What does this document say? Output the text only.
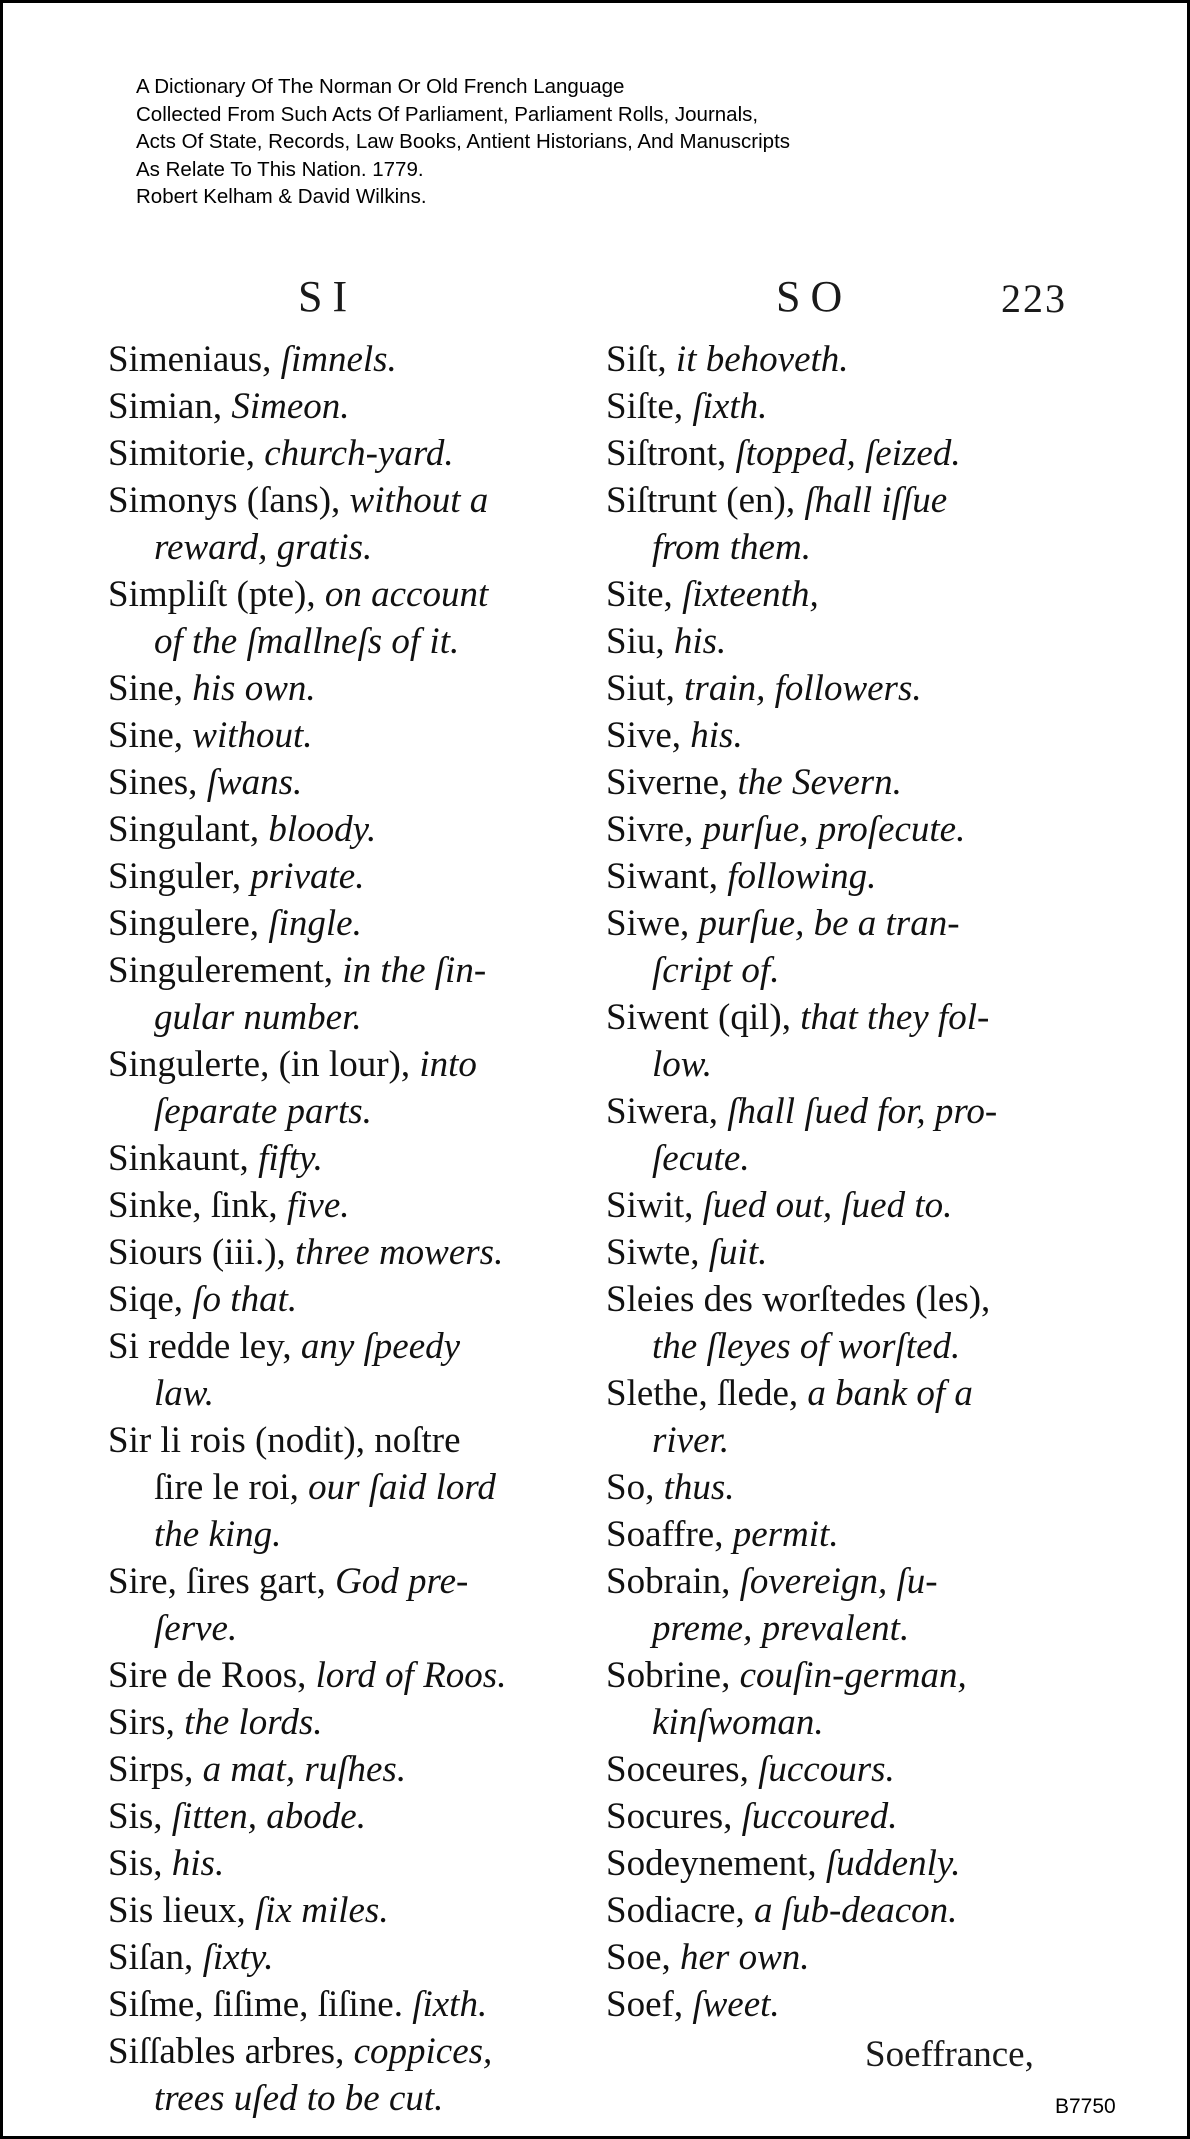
A Dictionary Of The Norman Or Old French Language
Collected From Such Acts Of Parliament, Parliament Rolls, Journals,
Acts Of State, Records, Law Books, Antient Historians, And Manuscripts
As Relate To This Nation. 1779.
Robert Kelham & David Wilkins.
SI	SO	223
Simeniaus, ſimnels.
Simian, Simeon.
Simitorie, church-yard.
Simonys (ſans), without a
reward, gratis.
Simpliſt (pte), on account
of the ſmallneſs of it.
Sine, his own.
Sine, without.
Sines, ſwans.
Singulant, bloody.
Singuler, private.
Singulere, ſingle.
Singulerement, in the ſin-
gular number.
Singulerte, (in lour), into
ſeparate parts.
Sinkaunt, fifty.
Sinke, ſink, five.
Siours (iii.), three mowers.
Siqe, ſo that.
Si redde ley, any ſpeedy
law.
Sir li rois (nodit), noſtre
ſire le roi, our ſaid lord
the king.
Sire, ſires gart, God pre-
ſerve.
Sire de Roos, lord of Roos.
Sirs, the lords.
Sirps, a mat, ruſhes.
Sis, ſitten, abode.
Sis, his.
Sis lieux, ſix miles.
Siſan, ſixty.
Siſme, ſiſime, ſiſine. ſixth.
Siſſables arbres, coppices,
trees uſed to be cut.
Siſt, it behoveth.
Siſte, ſixth.
Siſtront, ſtopped, ſeized.
Siſtrunt (en), ſhall iſſue
from them.
Site, ſixteenth,
Siu, his.
Siut, train, followers.
Sive, his.
Siverne, the Severn.
Sivre, purſue, proſecute.
Siwant, following.
Siwe, purſue, be a tran-
ſcript of.
Siwent (qil), that they fol-
low.
Siwera, ſhall ſued for, pro-
ſecute.
Siwit, ſued out, ſued to.
Siwte, ſuit.
Sleies des worſtedes (les),
the ſleyes of worſted.
Slethe, ſlede, a bank of a
river.
So, thus.
Soaffre, permit.
Sobrain, ſovereign, ſu-
preme, prevalent.
Sobrine, couſin-german,
kinſwoman.
Soceures, ſuccours.
Socures, ſuccoured.
Sodeynement, ſuddenly.
Sodiacre, a ſub-deacon.
Soe, her own.
Soef, ſweet.
Soeffrance,
B7750
